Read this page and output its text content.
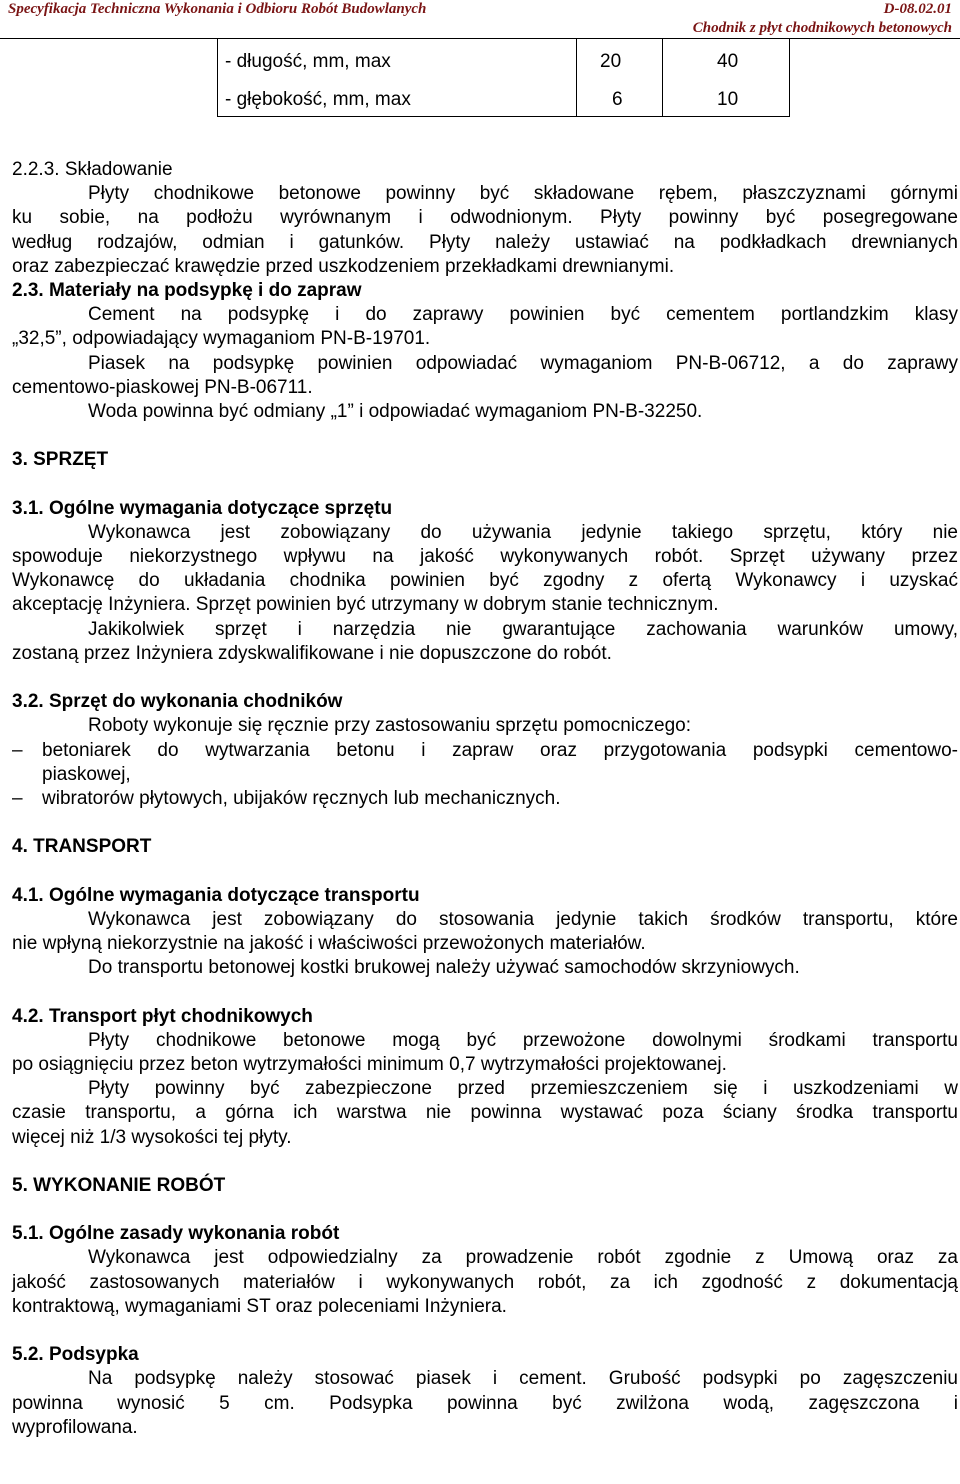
Specyfikacja Techniczna Wykonania i Odbioru Robót Budowlanych	D-08.02.01
Chodnik z płyt chodnikowych betonowych
- długość, mm, max	20	40
- głębokość, mm, max	6	10
2.2.3. Składowanie
Płyty chodnikowe betonowe powinny być składowane rębem, płaszczyznami górnymi
ku sobie, na podłożu wyrównanym i odwodnionym. Płyty powinny być posegregowane
według rodzajów, odmian i gatunków. Płyty należy ustawiać na podkładkach drewnianych
oraz zabezpieczać krawędzie przed uszkodzeniem przekładkami drewnianymi.
2.3. Materiały na podsypkę i do zapraw
Cement na podsypkę i do zaprawy powinien być cementem portlandzkim klasy
„32,5”, odpowiadający wymaganiom PN-B-19701.
Piasek na podsypkę powinien odpowiadać wymaganiom PN-B-06712, a do zaprawy
cementowo-piaskowej PN-B-06711.
Woda powinna być odmiany „1” i odpowiadać wymaganiom PN-B-32250.
3. SPRZĘT
3.1. Ogólne wymagania dotyczące sprzętu
Wykonawca jest zobowiązany do używania jedynie takiego sprzętu, który nie
spowoduje niekorzystnego wpływu na jakość wykonywanych robót. Sprzęt używany przez
Wykonawcę do układania chodnika powinien być zgodny z ofertą Wykonawcy i uzyskać
akceptację Inżyniera. Sprzęt powinien być utrzymany w dobrym stanie technicznym.
Jakikolwiek sprzęt i narzędzia nie gwarantujące zachowania warunków umowy,
zostaną przez Inżyniera zdyskwalifikowane i nie dopuszczone do robót.
3.2. Sprzęt do wykonania chodników
Roboty wykonuje się ręcznie przy zastosowaniu sprzętu pomocniczego:
– betoniarek do wytwarzania betonu i zapraw oraz przygotowania podsypki cementowo-
piaskowej,
– wibratorów płytowych, ubijaków ręcznych lub mechanicznych.
4. TRANSPORT
4.1. Ogólne wymagania dotyczące transportu
Wykonawca jest zobowiązany do stosowania jedynie takich środków transportu, które
nie wpłyną niekorzystnie na jakość i właściwości przewożonych materiałów.
Do transportu betonowej kostki brukowej należy używać samochodów skrzyniowych.
4.2. Transport płyt chodnikowych
Płyty chodnikowe betonowe mogą być przewożone dowolnymi środkami transportu
po osiągnięciu przez beton wytrzymałości minimum 0,7 wytrzymałości projektowanej.
Płyty powinny być zabezpieczone przed przemieszczeniem się i uszkodzeniami w
czasie transportu, a górna ich warstwa nie powinna wystawać poza ściany środka transportu
więcej niż 1/3 wysokości tej płyty.
5. WYKONANIE ROBÓT
5.1. Ogólne zasady wykonania robót
Wykonawca jest odpowiedzialny za prowadzenie robót zgodnie z Umową oraz za
jakość zastosowanych materiałów i wykonywanych robót, za ich zgodność z dokumentacją
kontraktową, wymaganiami ST oraz poleceniami Inżyniera.
5.2. Podsypka
Na podsypkę należy stosować piasek i cement. Grubość podsypki po zagęszczeniu
powinna wynosić 5 cm. Podsypka powinna być zwilżona wodą, zagęszczona i
wyprofilowana.
